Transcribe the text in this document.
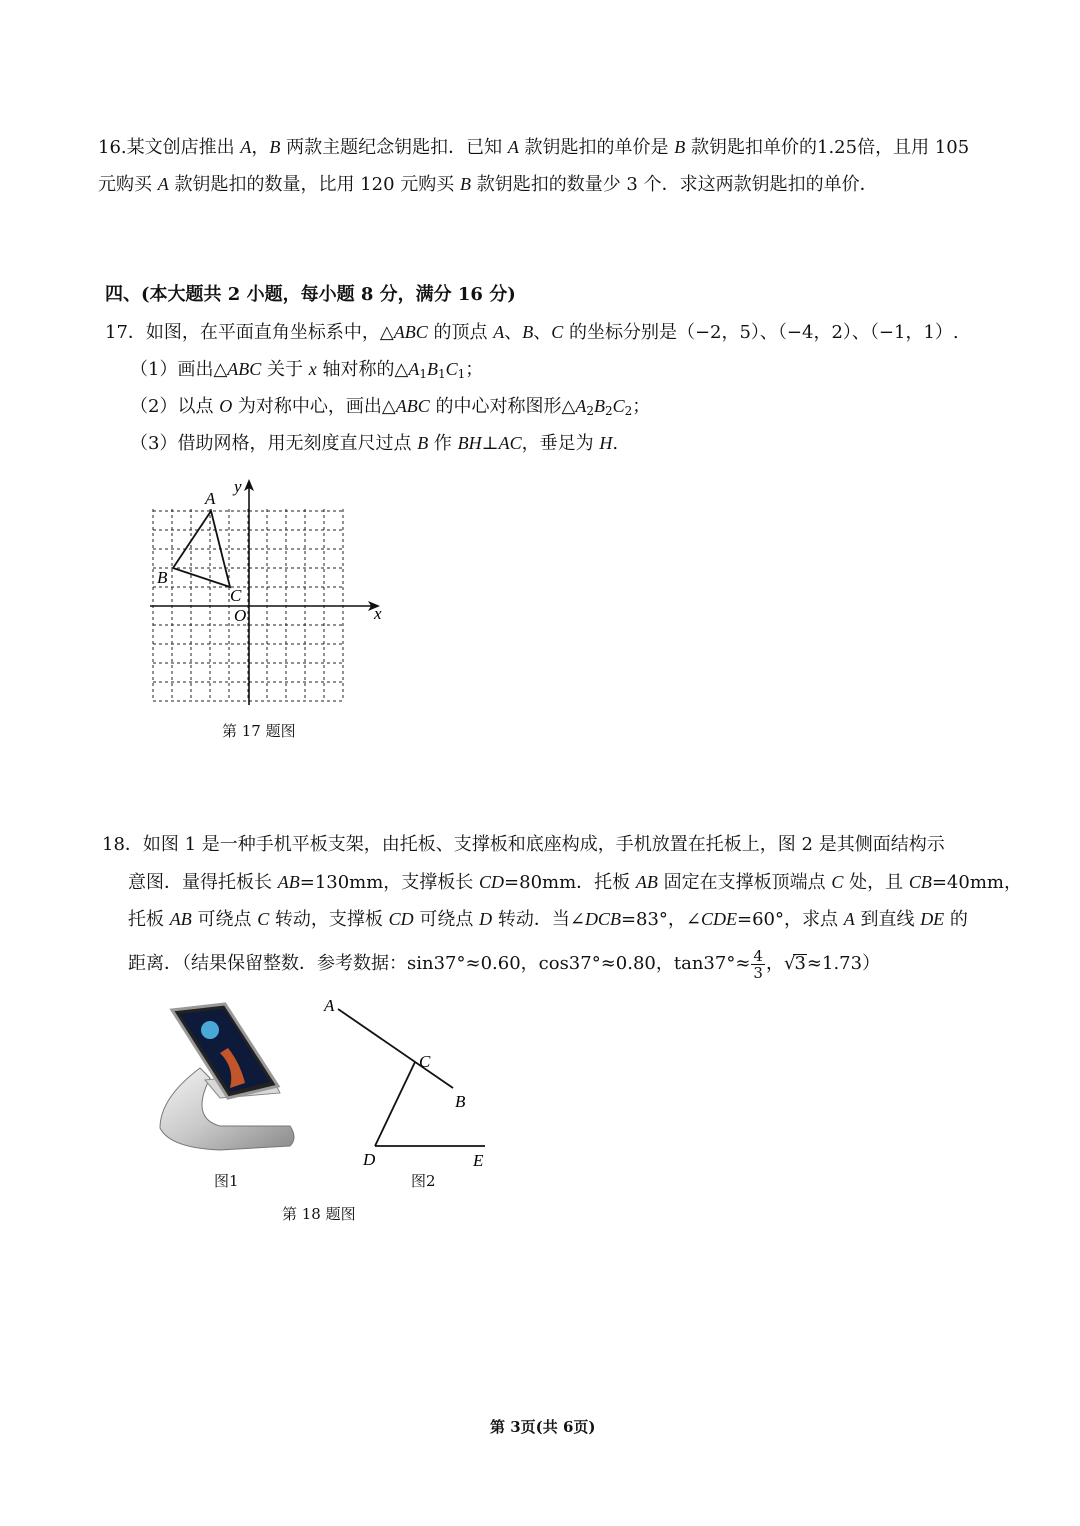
16.某文创店推出 A，B 两款主题纪念钥匙扣．已知 A 款钥匙扣的单价是 B 款钥匙扣单价的1.25倍，且用 105
元购买 A 款钥匙扣的数量，比用 120 元购买 B 款钥匙扣的数量少 3 个．求这两款钥匙扣的单价．
四、(本大题共 2 小题，每小题 8 分，满分 16 分)
17．如图，在平面直角坐标系中，△ABC 的顶点 A、B、C 的坐标分别是（−2，5）、（−4，2）、（−1，1）.
（1）画出△ABC 关于 x 轴对称的$\triangle A_1B_1C_1$；
（2）以点 O 为对称中心，画出△ABC 的中心对称图形$\triangle A_2B_2C_2$；
（3）借助网格，用无刻度直尺过点 B 作 BH⊥AC，垂足为 H.
A
B
C
O
y
x
第 17 题图
18．如图 1 是一种手机平板支架，由托板、支撑板和底座构成，手机放置在托板上，图 2 是其侧面结构示
意图．量得托板长 AB=130mm，支撑板长 CD=80mm．托板 AB 固定在支撑板顶端点 C 处，且 CB=40mm，
托板 AB 可绕点 C 转动，支撑板 CD 可绕点 D 转动．当∠DCB=83°，∠CDE=60°，求点 A 到直线 DE 的
距离．（结果保留整数．参考数据：sin37°≈0.60，cos37°≈0.80，$\tan 37^\circ\approx \frac{4}{3}$ ，√3≈1.73）
A
C
B
D	E
图1	图2
第 18 题图
第 3页(共 6页)
